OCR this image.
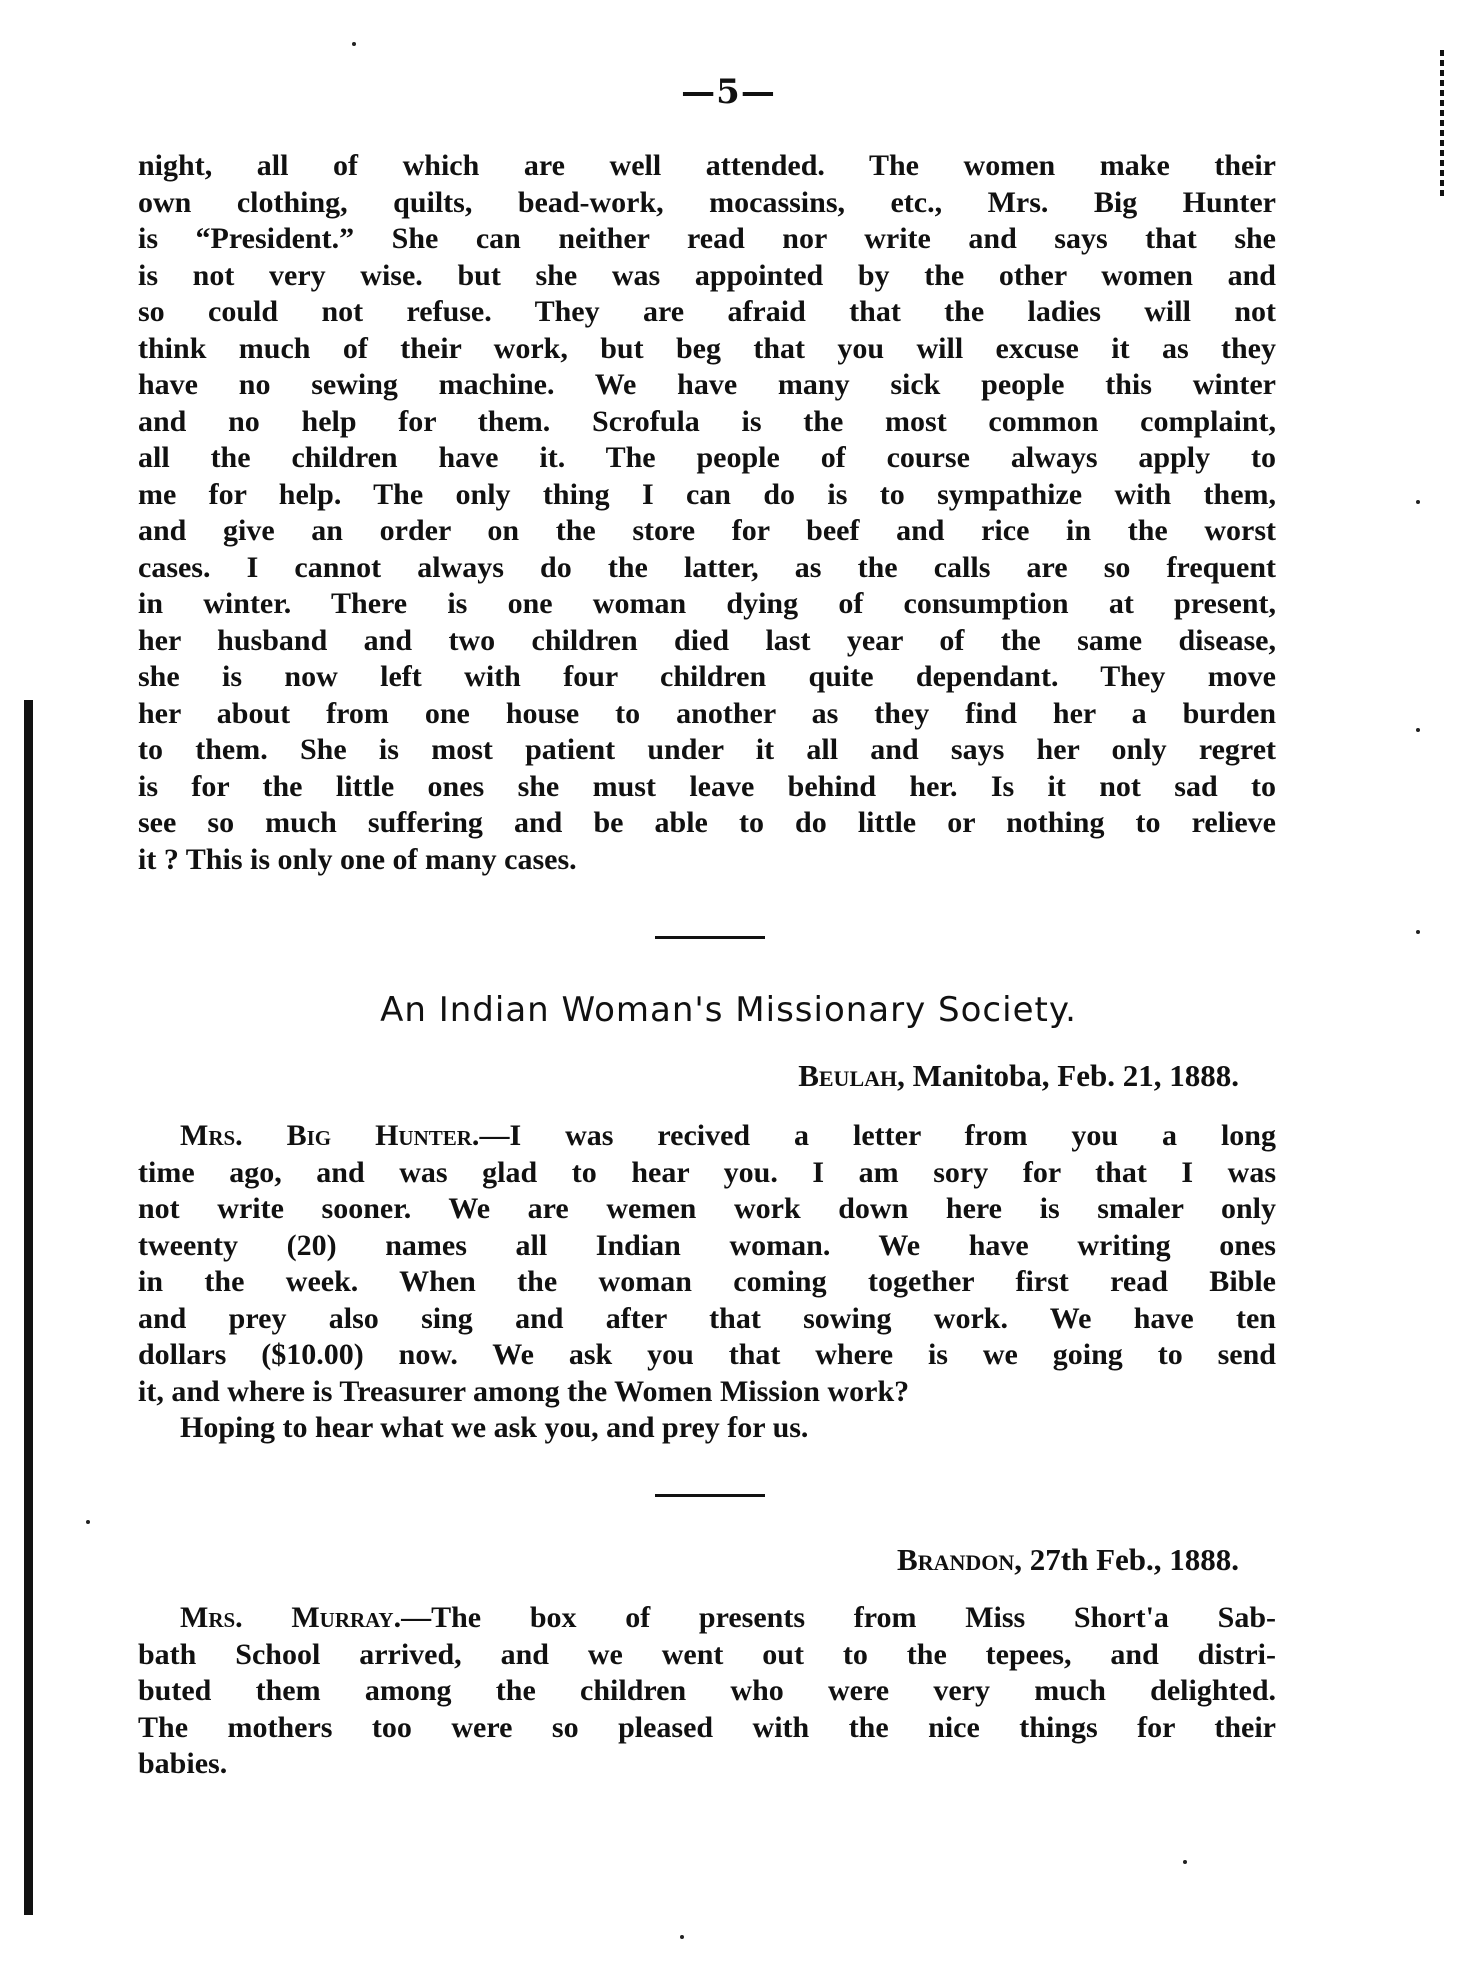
—5—
night, all of which are well attended. The women make their
own clothing, quilts, bead-work, mocassins, etc., Mrs. Big Hunter
is “President.” She can neither read nor write and says that she
is not very wise. but she was appointed by the other women and
so could not refuse. They are afraid that the ladies will not
think much of their work, but beg that you will excuse it as they
have no sewing machine. We have many sick people this winter
and no help for them. Scrofula is the most common complaint,
all the children have it. The people of course always apply to
me for help. The only thing I can do is to sympathize with them,
and give an order on the store for beef and rice in the worst
cases. I cannot always do the latter, as the calls are so frequent
in winter. There is one woman dying of consumption at present,
her husband and two children died last year of the same disease,
she is now left with four children quite dependant. They move
her about from one house to another as they find her a burden
to them. She is most patient under it all and says her only regret
is for the little ones she must leave behind her. Is it not sad to
see so much suffering and be able to do little or nothing to relieve
it ? This is only one of many cases.
An Indian Woman's Missionary Society.
Beulah, Manitoba, Feb. 21, 1888.
Mrs. Big Hunter.—I was recived a letter from you a long
time ago, and was glad to hear you. I am sory for that I was
not write sooner. We are wemen work down here is smaler only
tweenty (20) names all Indian woman. We have writing ones
in the week. When the woman coming together first read Bible
and prey also sing and after that sowing work. We have ten
dollars ($10.00) now. We ask you that where is we going to send
it, and where is Treasurer among the Women Mission work?
Hoping to hear what we ask you, and prey for us.
Brandon, 27th Feb., 1888.
Mrs. Murray.—The box of presents from Miss Short'a Sab-
bath School arrived, and we went out to the tepees, and distri-
buted them among the children who were very much delighted.
The mothers too were so pleased with the nice things for their
babies.
